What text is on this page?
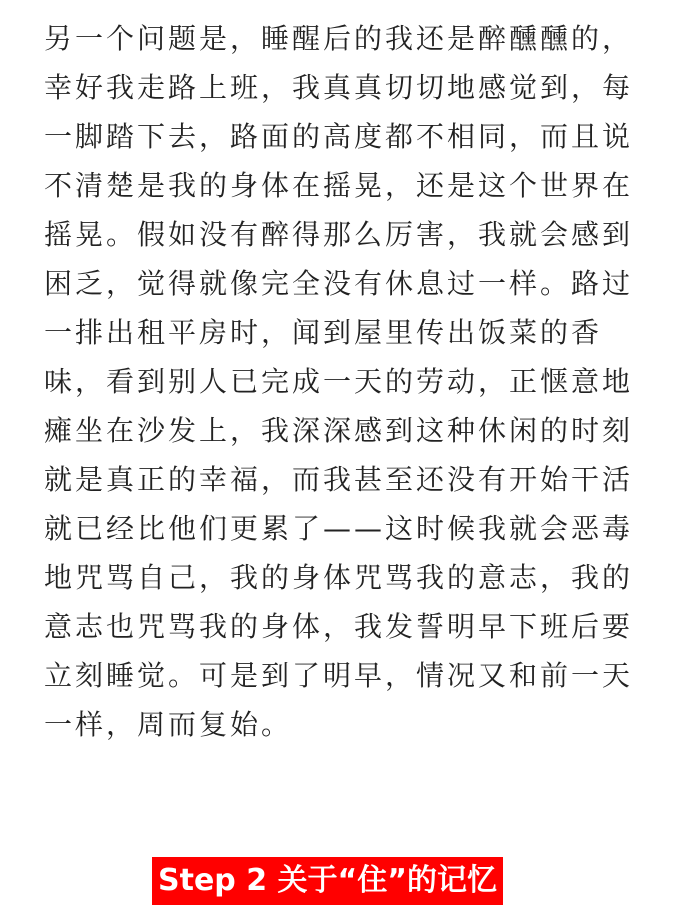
另一个问题是，睡醒后的我还是醉醺醺的，
幸好我走路上班，我真真切切地感觉到，每
一脚踏下去，路面的高度都不相同，而且说
不清楚是我的身体在摇晃，还是这个世界在
摇晃。假如没有醉得那么厉害，我就会感到
困乏，觉得就像完全没有休息过一样。路过
一排出租平房时，闻到屋里传出饭菜的香
味，看到别人已完成一天的劳动，正惬意地
瘫坐在沙发上，我深深感到这种休闲的时刻
就是真正的幸福，而我甚至还没有开始干活
就已经比他们更累了——这时候我就会恶毒
地咒骂自己，我的身体咒骂我的意志，我的
意志也咒骂我的身体，我发誓明早下班后要
立刻睡觉。可是到了明早，情况又和前一天
一样，周而复始。
Step 2 关于“住”的记忆
